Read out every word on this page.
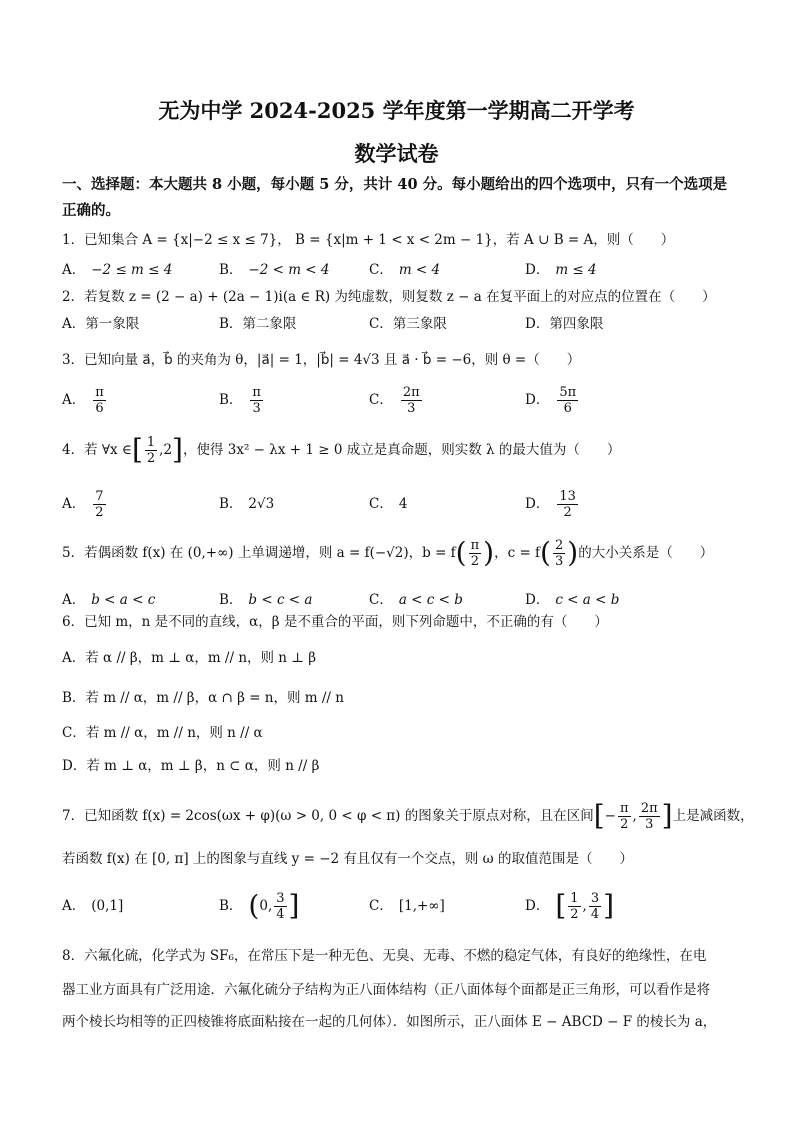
无为中学 2024-2025 学年度第一学期高二开学考
数学试卷
一、选择题：本大题共 8 小题，每小题 5 分，共计 40 分。每小题给出的四个选项中，只有一个选项是正确的。
1．已知集合 A = {x|−2 ≤ x ≤ 7}， B = {x|m + 1 < x < 2m − 1}，若 A ∪ B = A，则（　　）
A． −2 ≤ m ≤ 4	B． −2 < m < 4	C． m < 4	D． m ≤ 4
2．若复数 z = (2 − a) + (2a − 1)i(a ∈ R) 为纯虚数，则复数 z − a 在复平面上的对应点的位置在（　　）
A．第一象限	B．第二象限	C．第三象限	D．第四象限
3．已知向量 a⃗，b⃗ 的夹角为 θ，|a⃗| = 1，|b⃗| = 4√3 且 a⃗ · b⃗ = −6，则 θ =（　　）
A． $\frac{\pi}{6}$	B． $\frac{\pi}{3}$	C． $\frac{2\pi}{3}$	D． $\frac{5\pi}{6}$
4．若 ∀x ∈ [ $\frac{1}{2} ,2$ ] ，使得 3x² − λx + 1 ≥ 0 成立是真命题，则实数 λ 的最大值为（　　）
A． $\frac{7}{2}$	B． 2√3	C． 4	D． $\frac{13}{2}$
5．若偶函数 f(x) 在 (0,+∞) 上单调递增，则 a = f(−√2)，b = f ( $\frac{\pi}{2}$ ) ，c = f ( $\frac{2}{3}$ ) 的大小关系是（　　）
A． b < a < c	B． b < c < a	C． a < c < b	D． c < a < b
6．已知 m，n 是不同的直线，α，β 是不重合的平面，则下列命题中，不正确的有（　　）
A．若 α // β，m ⊥ α，m // n，则 n ⊥ β
B．若 m // α，m // β，α ∩ β = n，则 m // n
C．若 m // α，m // n，则 n // α
D．若 m ⊥ α，m ⊥ β，n ⊂ α，则 n // β
7．已知函数 f(x) = 2cos(ωx + φ)(ω > 0, 0 < φ < π) 的图象关于原点对称，且在区间 [ − $\frac{\pi}{2}$ , $\frac{2\pi}{3}$ ] 上是减函数，
若函数 f(x) 在 [0, π] 上的图象与直线 y = −2 有且仅有一个交点，则 ω 的取值范围是（　　）
A． (0,1]	B． ( 0, $\frac{3}{4}$ ]	C． [1,+∞]	D． [ $\frac{1}{2}$ , $\frac{3}{4}$ ]
8．六氟化硫，化学式为 SF₆，在常压下是一种无色、无臭、无毒、不燃的稳定气体，有良好的绝缘性，在电
器工业方面具有广泛用途．六氟化硫分子结构为正八面体结构（正八面体每个面都是正三角形，可以看作是将
两个棱长均相等的正四棱锥将底面粘接在一起的几何体）．如图所示，正八面体 E − ABCD − F 的棱长为 a，
